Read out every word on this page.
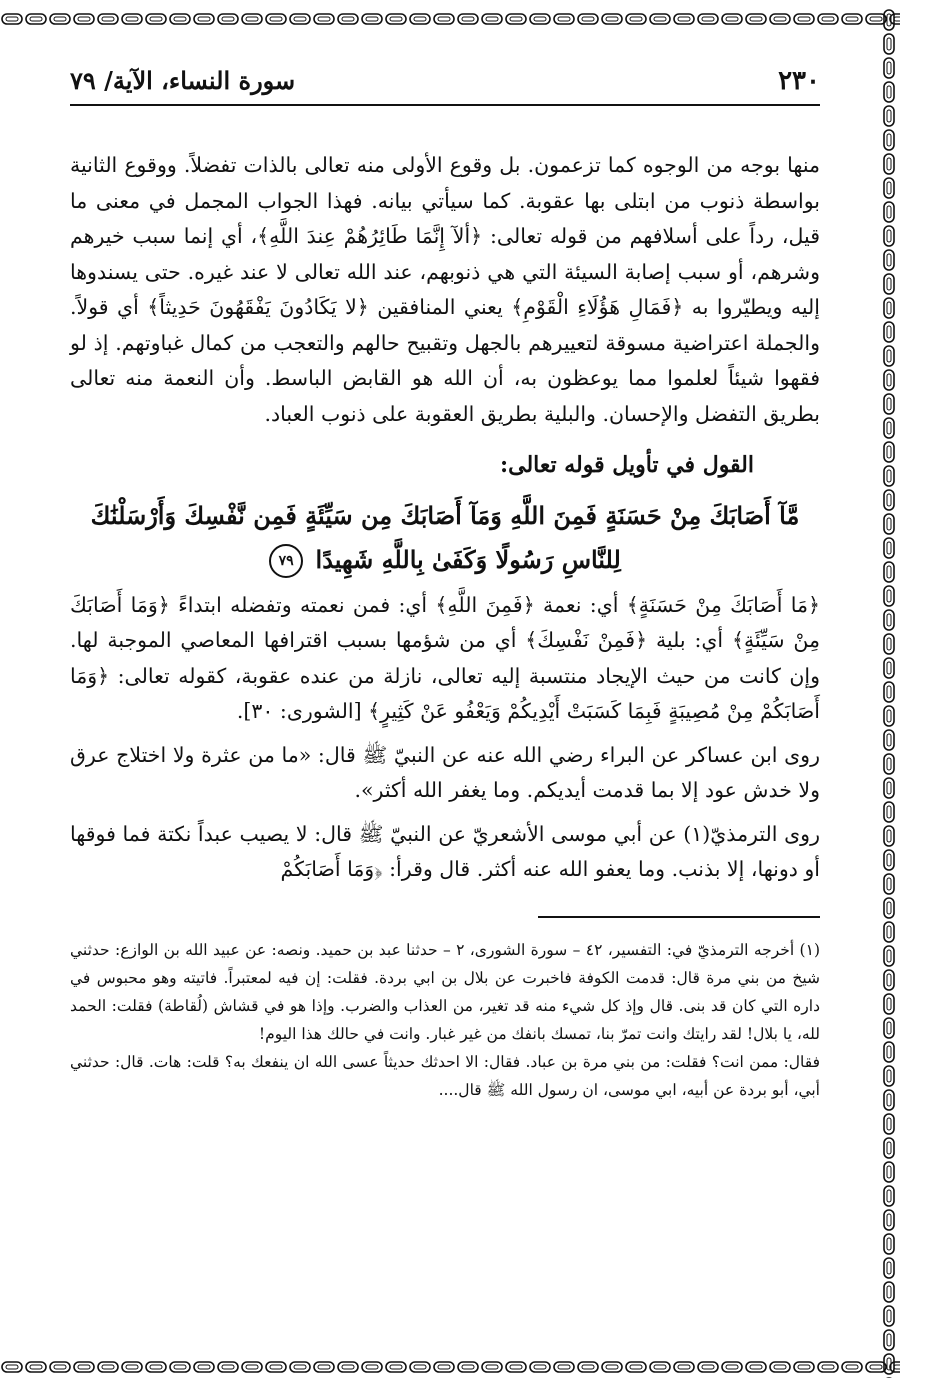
٢٣٠
سورة النساء، الآية/ ٧٩

منها بوجه من الوجوه كما تزعمون. بل وقوع الأولى منه تعالى بالذات تفضلاً. ووقوع الثانية بواسطة ذنوب من ابتلى بها عقوبة. كما سيأتي بيانه. فهذا الجواب المجمل في معنى ما قيل، رداً على أسلافهم من قوله تعالى: ﴿ألآ إِنَّمَا طَائِرُهُمْ عِندَ اللَّهِ﴾، أي إنما سبب خيرهم وشرهم، أو سبب إصابة السيئة التي هي ذنوبهم، عند الله تعالى لا عند غيره. حتى يسندوها إليه ويطيّروا به ﴿فَمَالِ هَؤُلَاءِ الْقَوْمِ﴾ يعني المنافقين ﴿لا يَكَادُونَ يَفْقَهُونَ حَدِيثاً﴾ أي قولاً. والجملة اعتراضية مسوقة لتعييرهم بالجهل وتقبيح حالهم والتعجب من كمال غباوتهم. إذ لو فقهوا شيئاً لعلموا مما يوعظون به، أن الله هو القابض الباسط. وأن النعمة منه تعالى بطريق التفضل والإحسان. والبلية بطريق العقوبة على ذنوب العباد.

القول في تأويل قوله تعالى:
مَّآ أَصَابَكَ مِنْ حَسَنَةٍ فَمِنَ اللَّهِ وَمَآ أَصَابَكَ مِن سَيِّئَةٍ فَمِن نَّفْسِكَ وَأَرْسَلْنَٰكَ لِلنَّاسِ رَسُولًا وَكَفَىٰ بِاللَّهِ شَهِيدًا ٧٩

﴿مَا أَصَابَكَ مِنْ حَسَنَةٍ﴾ أي: نعمة ﴿فَمِنَ اللَّهِ﴾ أي: فمن نعمته وتفضله ابتداءً ﴿وَمَا أَصَابَكَ مِنْ سَيِّئَةٍ﴾ أي: بلية ﴿فَمِنْ نَفْسِكَ﴾ أي من شؤمها بسبب اقترافها المعاصي الموجبة لها. وإن كانت من حيث الإيجاد منتسبة إليه تعالى، نازلة من عنده عقوبة، كقوله تعالى: ﴿وَمَا أَصَابَكُمْ مِنْ مُصِيبَةٍ فَبِمَا كَسَبَتْ أَيْدِيكُمْ وَيَعْفُو عَنْ كَثِيرٍ﴾ [الشورى: ٣٠].

روى ابن عساكر عن البراء رضي الله عنه عن النبيّ ﷺ قال: «ما من عثرة ولا اختلاج عرق ولا خدش عود إلا بما قدمت أيديكم. وما يغفر الله أكثر».

روى الترمذيّ(١) عن أبي موسى الأشعريّ عن النبيّ ﷺ قال: لا يصيب عبداً نكتة فما فوقها أو دونها، إلا بذنب. وما يعفو الله عنه أكثر. قال وقرأ: ﴿وَمَا أَصَابَكُمْ

(١) أخرجه الترمذيّ في: التفسير، ٤٢ – سورة الشورى، ٢ – حدثنا عبد بن حميد. ونصه: عن عبيد الله بن الوازع: حدثني شيخ من بني مرة قال: قدمت الكوفة فاخبرت عن بلال بن ابي بردة. فقلت: إن فيه لمعتبراً. فاتيته وهو محبوس في داره التي كان قد بنى. قال وإذ كل شيء منه قد تغير، من العذاب والضرب. وإذا هو في قشاش (لُقاطة) فقلت: الحمد لله، يا بلال! لقد رايتك وانت تمرّ بنا، تمسك بانفك من غير غبار. وانت في حالك هذا اليوم!

فقال: ممن انت؟ فقلت: من بني مرة بن عباد. فقال: الا احدثك حديثاً عسى الله ان ينفعك به؟ قلت: هات. قال: حدثني أبي، أبو بردة عن أبيه، ابي موسى، ان رسول الله ﷺ قال....
